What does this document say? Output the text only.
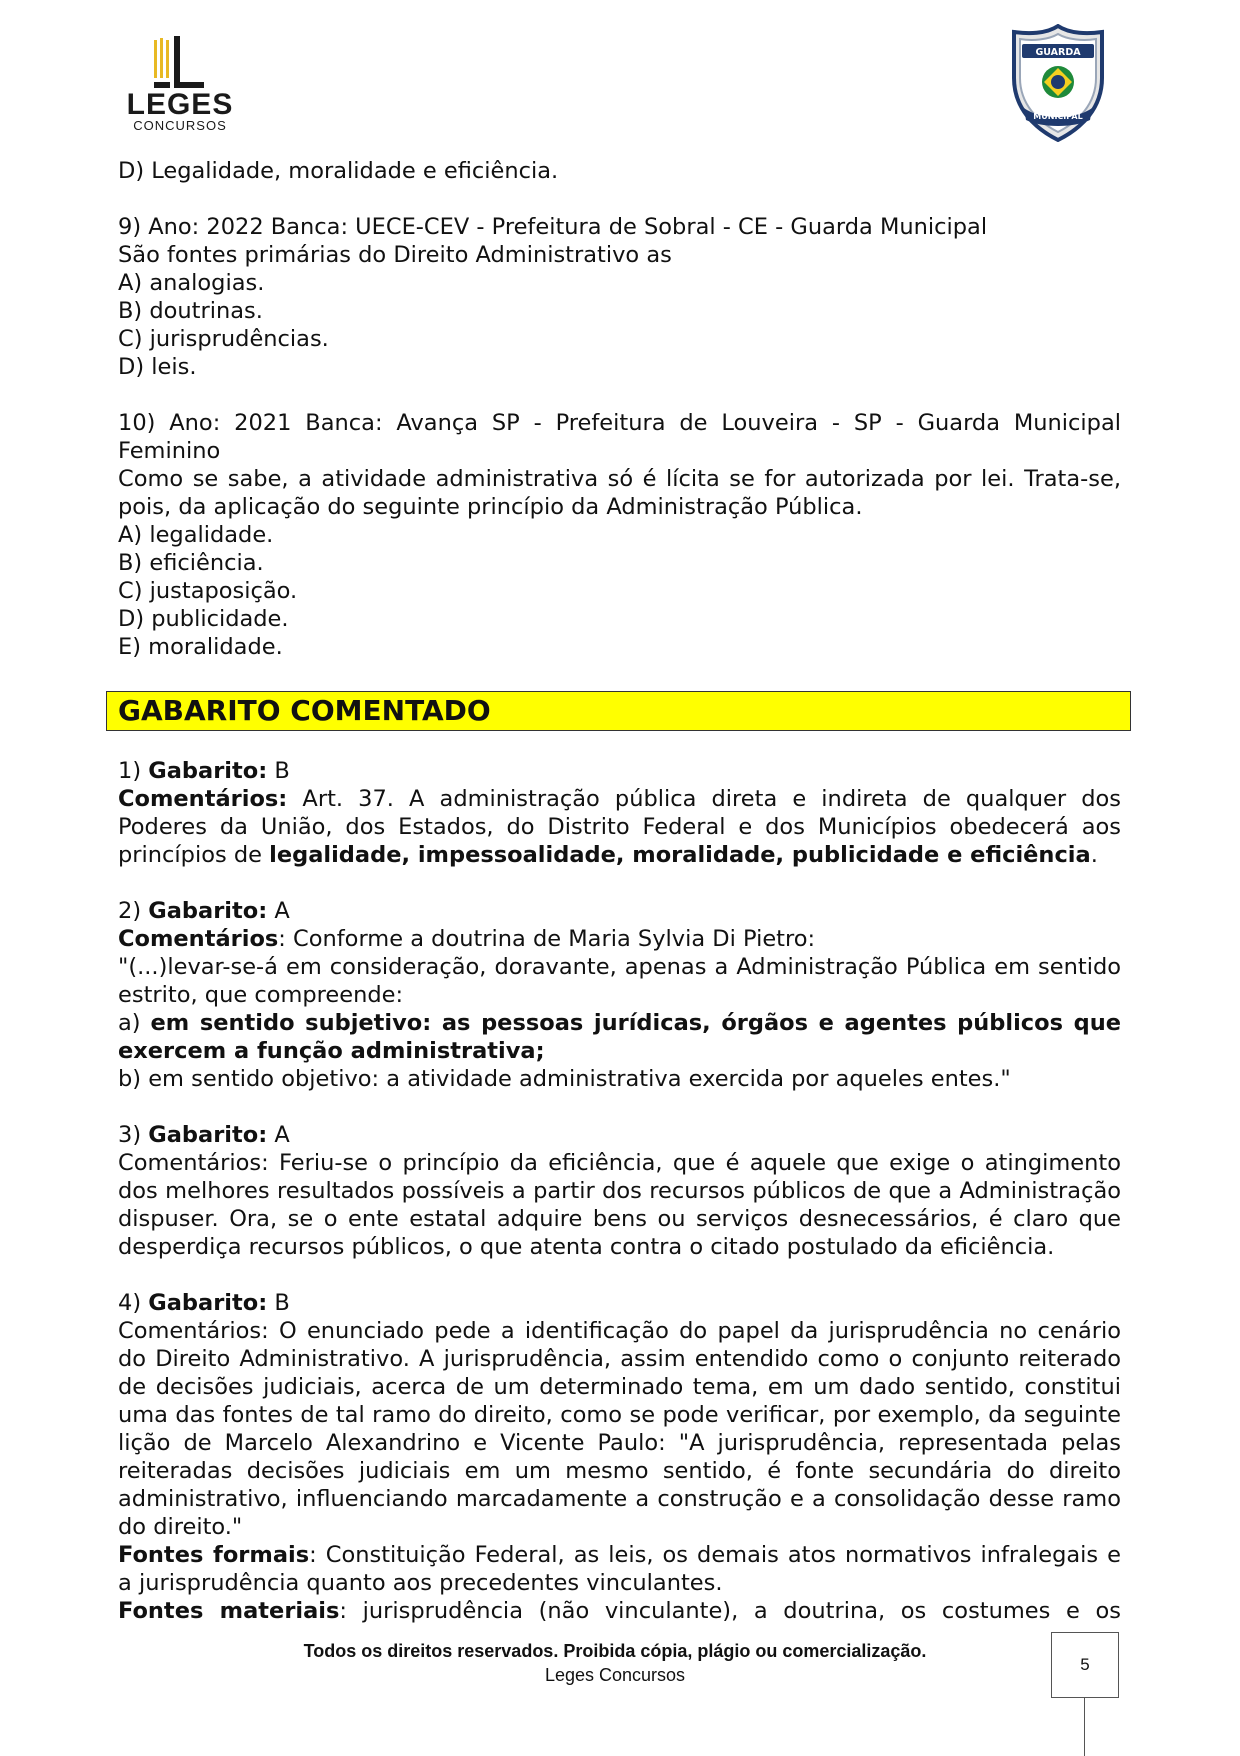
LEGES
CONCURSOS
GUARDA
MUNICIPAL

D) Legalidade, moralidade e eficiência.

9) Ano: 2022 Banca: UECE-CEV - Prefeitura de Sobral - CE - Guarda Municipal

São fontes primárias do Direito Administrativo as

A) analogias.

B) doutrinas.

C) jurisprudências.

D) leis.

10) Ano: 2021 Banca: Avança SP - Prefeitura de Louveira - SP - Guarda Municipal

Feminino

Como se sabe, a atividade administrativa só é lícita se for autorizada por lei. Trata-se,

pois, da aplicação do seguinte princípio da Administração Pública.

A) legalidade.

B) eficiência.

C) justaposição.

D) publicidade.

E) moralidade.

GABARITO COMENTADO

1) Gabarito: B

Comentários: Art. 37. A administração pública direta e indireta de qualquer dos Poderes da União, dos Estados, do Distrito Federal e dos Municípios obedecerá aos princípios de legalidade, impessoalidade, moralidade, publicidade e eficiência.

2) Gabarito: A

Comentários: Conforme a doutrina de Maria Sylvia Di Pietro:

"(...)levar-se-á em consideração, doravante, apenas a Administração Pública em sentido estrito, que compreende:

a) em sentido subjetivo: as pessoas jurídicas, órgãos e agentes públicos que exercem a função administrativa;

b) em sentido objetivo: a atividade administrativa exercida por aqueles entes."

3) Gabarito: A

Comentários: Feriu-se o princípio da eficiência, que é aquele que exige o atingimento dos melhores resultados possíveis a partir dos recursos públicos de que a Administração dispuser. Ora, se o ente estatal adquire bens ou serviços desnecessários, é claro que desperdiça recursos públicos, o que atenta contra o citado postulado da eficiência.

4) Gabarito: B

Comentários: O enunciado pede a identificação do papel da jurisprudência no cenário do Direito Administrativo. A jurisprudência, assim entendido como o conjunto reiterado de decisões judiciais, acerca de um determinado tema, em um dado sentido, constitui uma das fontes de tal ramo do direito, como se pode verificar, por exemplo, da seguinte lição de Marcelo Alexandrino e Vicente Paulo: "A jurisprudência, representada pelas reiteradas decisões judiciais em um mesmo sentido, é fonte secundária do direito administrativo, influenciando marcadamente a construção e a consolidação desse ramo do direito."

Fontes formais: Constituição Federal, as leis, os demais atos normativos infralegais e a jurisprudência quanto aos precedentes vinculantes.

Fontes materiais: jurisprudência (não vinculante), a doutrina, os costumes e os

Todos os direitos reservados. Proibida cópia, plágio ou comercialização.
Leges Concursos
5
